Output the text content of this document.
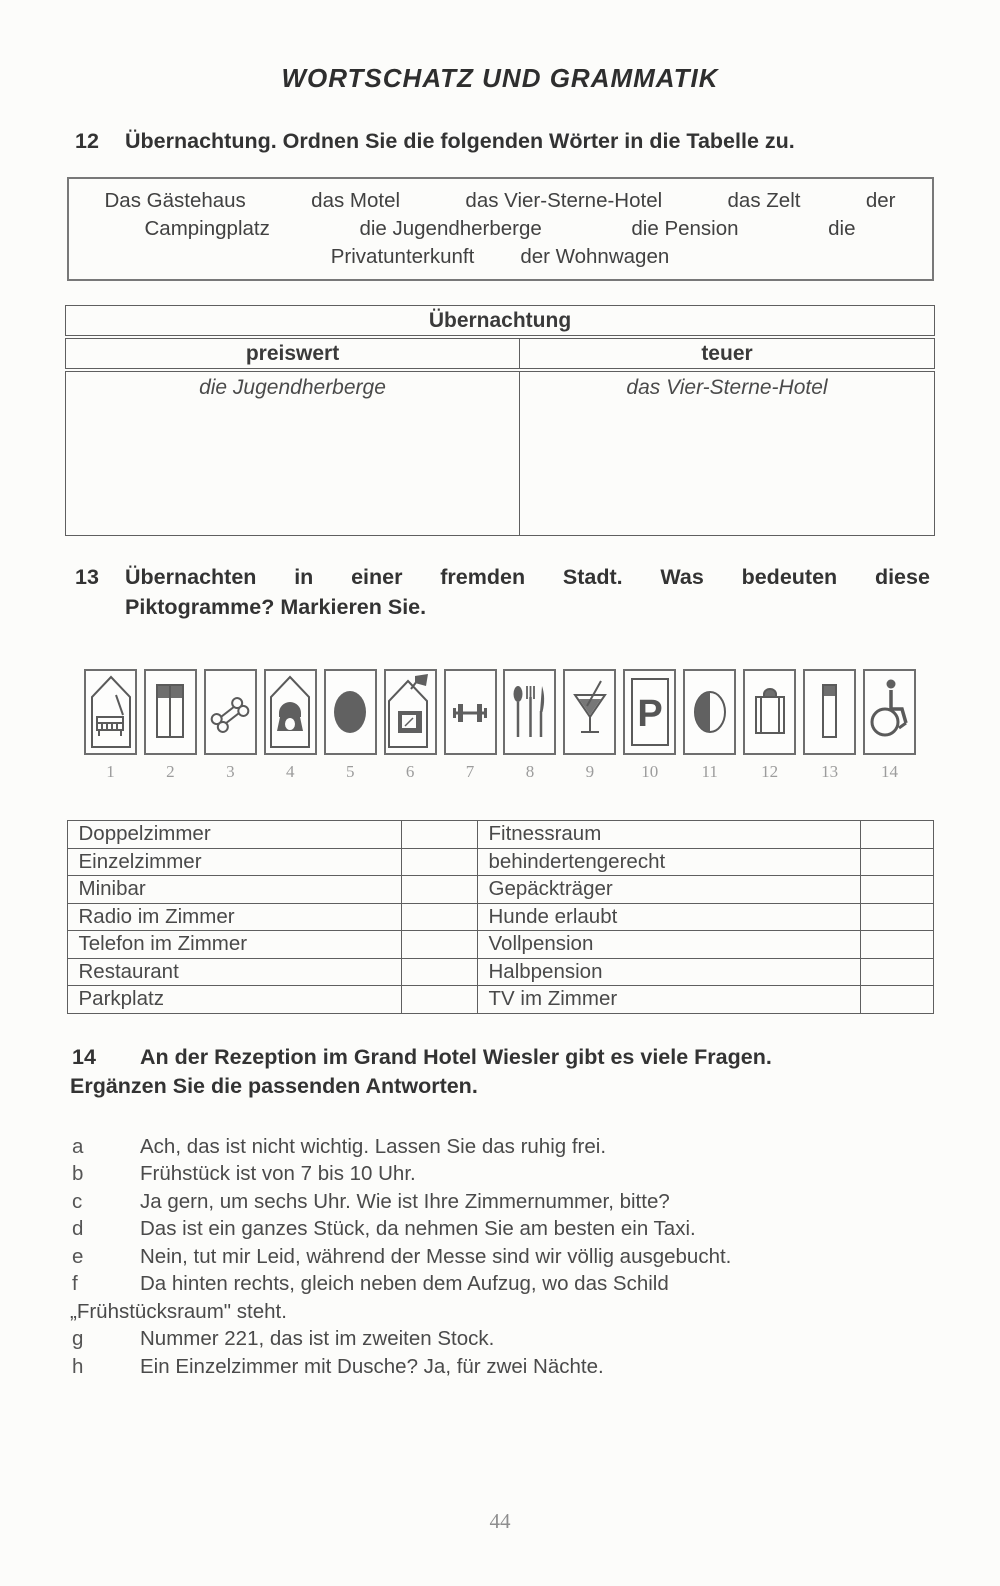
WORTSCHATZ UND GRAMMATIK
12	Übernachtung. Ordnen Sie die folgenden Wörter in die Tabelle zu.
Das Gästehaus	das Motel	das Vier-Sterne-Hotel	das Zelt	der
Campingplatz	die Jugendherberge	die Pension	die
Privatunterkunft der Wohnwagen
Übernachtung	
preiswert	teuer
die Jugendherberge	das Vier-Sterne-Hotel
13	Übernachten in einer fremden Stadt. Was bedeuten diese
Piktogramme? Markieren Sie.
1	2	3	4	5	6	7	8	9
P
10	11	12	13	14
Doppelzimmer		Fitnessraum	
Einzelzimmer		behindertengerecht	
Minibar		Gepäckträger	
Radio im Zimmer		Hunde erlaubt	
Telefon im Zimmer		Vollpension	
Restaurant		Halbpension	
Parkplatz		TV im Zimmer	
14	An der Rezeption im Grand Hotel Wiesler gibt es viele Fragen.
Ergänzen Sie die passenden Antworten.
a	Ach, das ist nicht wichtig. Lassen Sie das ruhig frei.
b	Frühstück ist von 7 bis 10 Uhr.
c	Ja gern, um sechs Uhr. Wie ist Ihre Zimmernummer, bitte?
d	Das ist ein ganzes Stück, da nehmen Sie am besten ein Taxi.
e	Nein, tut mir Leid, während der Messe sind wir völlig ausgebucht.
f	Da hinten rechts, gleich neben dem Aufzug, wo das Schild
„Frühstücksraum" steht.
g	Nummer 221, das ist im zweiten Stock.
h	Ein Einzelzimmer mit Dusche? Ja, für zwei Nächte.
44
